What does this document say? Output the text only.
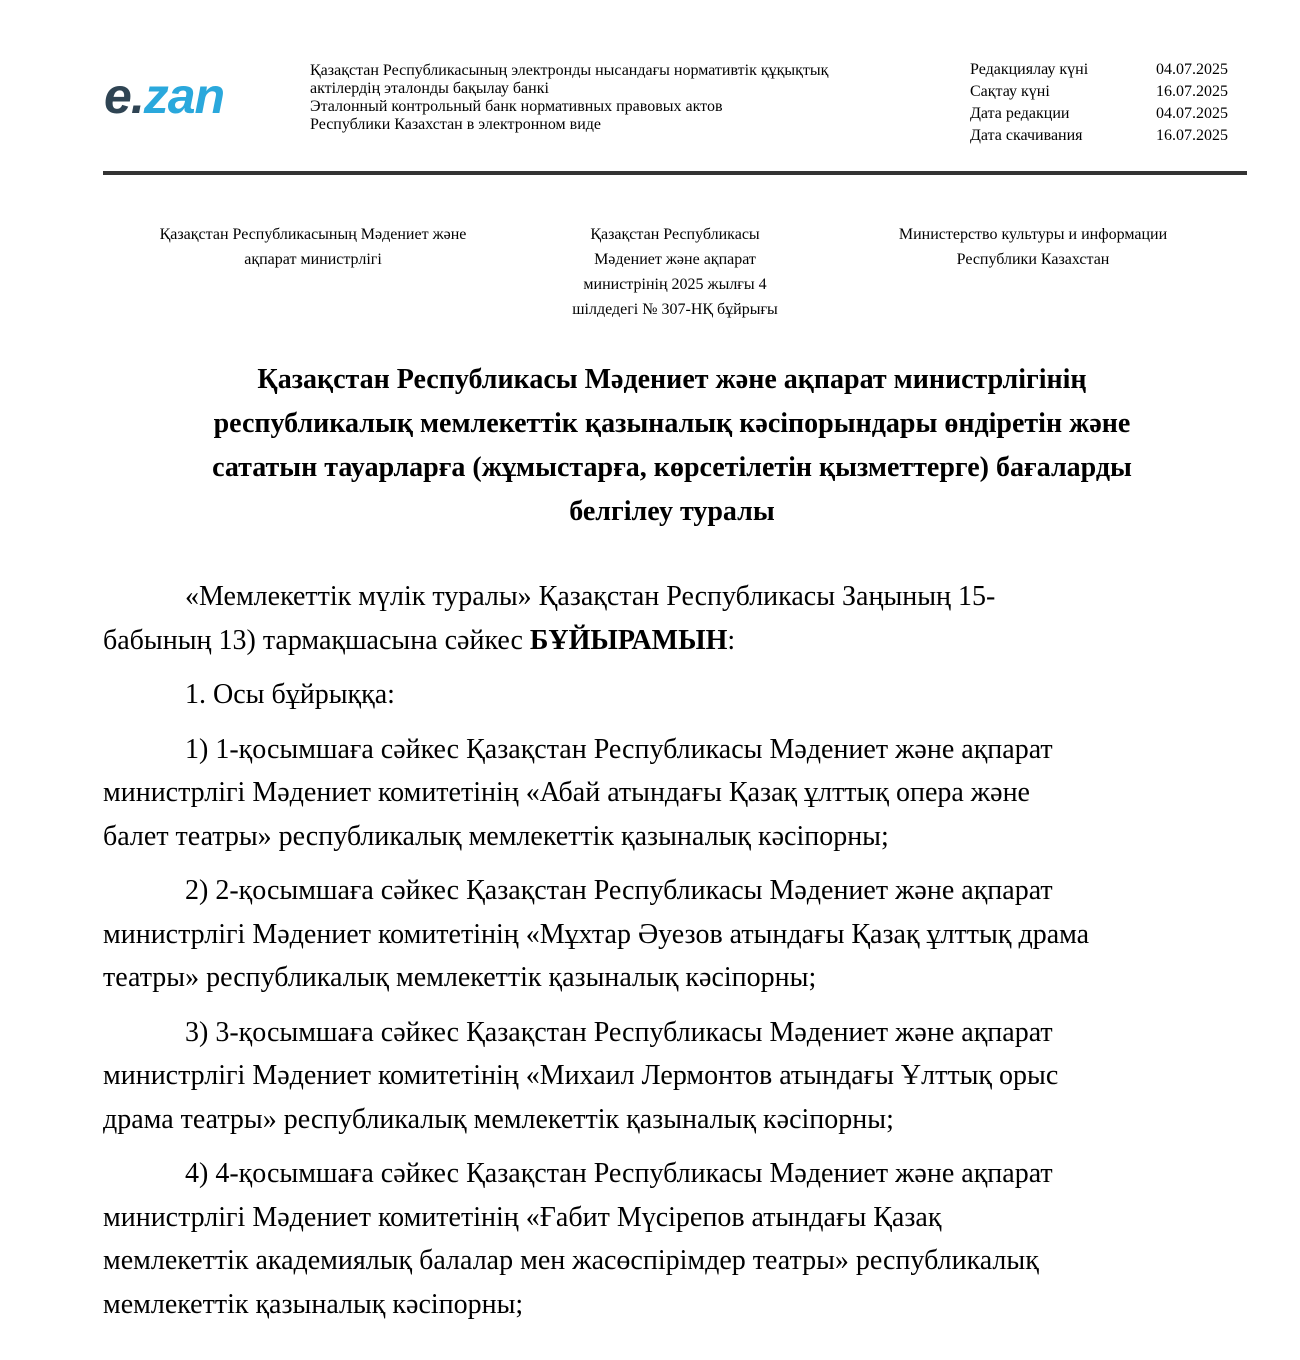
e.zan	Қазақстан Республикасының электронды нысандағы нормативтік құқықтық
актілердің эталонды бақылау банкі
Эталонный контрольный банк нормативных правовых актов
Республики Казахстан в электронном виде
Редакциялау күні	04.07.2025
Сақтау күні	16.07.2025
Дата редакции	04.07.2025
Дата скачивания	16.07.2025
Қазақстан Республикасының Мәдениет және
ақпарат министрлігі
Қазақстан Республикасы
Мәдениет және ақпарат
министрінің 2025 жылғы 4
шілдедегі № 307-НҚ бұйрығы
Министерство культуры и информации
Республики Казахстан
Қазақстан Республикасы Мәдениет және ақпарат министрлігінің
республикалық мемлекеттік қазыналық кәсіпорындары өндіретін және
сататын тауарларға (жұмыстарға, көрсетілетін қызметтерге) бағаларды
белгілеу туралы

«Мемлекеттік мүлік туралы» Қазақстан Республикасы Заңының 15-
бабының 13) тармақшасына сәйкес БҰЙЫРАМЫН:

1. Осы бұйрыққа:

1) 1-қосымшаға сәйкес Қазақстан Республикасы Мәдениет және ақпарат
министрлігі Мәдениет комитетінің «Абай атындағы Қазақ ұлттық опера және
балет театры» республикалық мемлекеттік қазыналық кәсіпорны;

2) 2-қосымшаға сәйкес Қазақстан Республикасы Мәдениет және ақпарат
министрлігі Мәдениет комитетінің «Мұхтар Әуезов атындағы Қазақ ұлттық драма
театры» республикалық мемлекеттік қазыналық кәсіпорны;

3) 3-қосымшаға сәйкес Қазақстан Республикасы Мәдениет және ақпарат
министрлігі Мәдениет комитетінің «Михаил Лермонтов атындағы Ұлттық орыс
драма театры» республикалық мемлекеттік қазыналық кәсіпорны;

4) 4-қосымшаға сәйкес Қазақстан Республикасы Мәдениет және ақпарат
министрлігі Мәдениет комитетінің «Ғабит Мүсірепов атындағы Қазақ
мемлекеттік академиялық балалар мен жасөспірімдер театры» республикалық
мемлекеттік қазыналық кәсіпорны;
